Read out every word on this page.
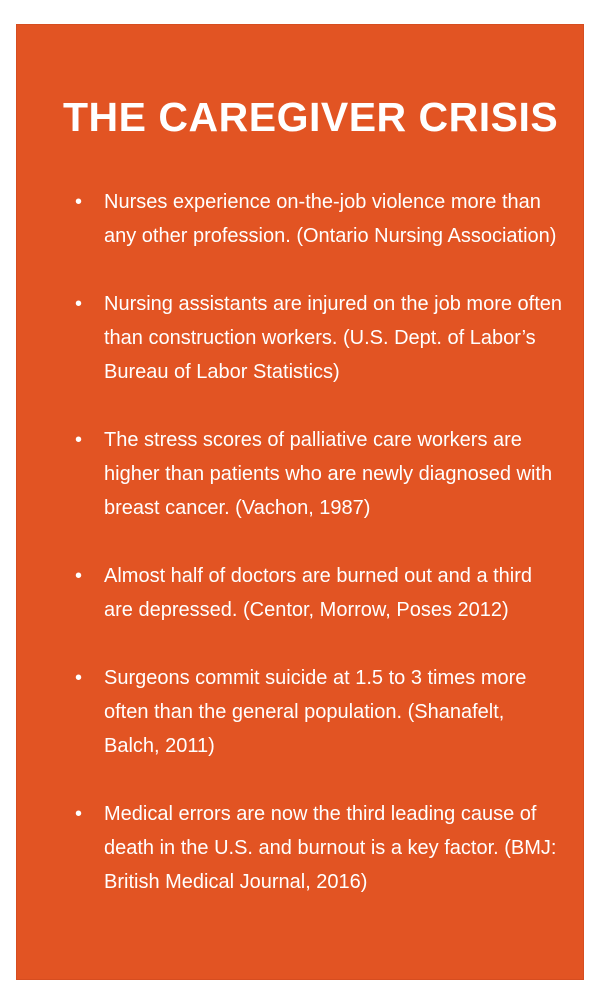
THE CAREGIVER CRISIS
• Nurses experience on-the-job violence more than any other profession. (Ontario Nursing Association)
• Nursing assistants are injured on the job more often than construction workers. (U.S. Dept. of Labor’s Bureau of Labor Statistics)
• The stress scores of palliative care workers are higher than patients who are newly diagnosed with breast cancer. (Vachon, 1987)
• Almost half of doctors are burned out and a third are depressed. (Centor, Morrow, Poses 2012)
• Surgeons commit suicide at 1.5 to 3 times more often than the general population. (Shanafelt, Balch, 2011)
• Medical errors are now the third leading cause of death in the U.S. and burnout is a key factor. (BMJ: British Medical Journal, 2016)
